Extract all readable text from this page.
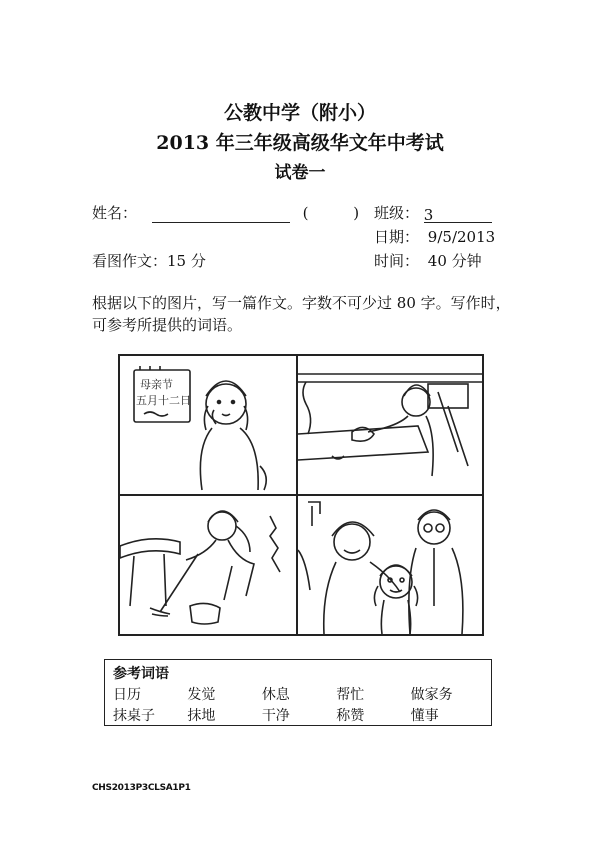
公教中学（附小）
2013 年三年级高级华文年中考试
试卷一
姓名：	(	) 班级： 3
日期： 9/5/2013
看图作文：15 分	时间： 40 分钟
根据以下的图片，写一篇作文。字数不可少过 80 字。写作时，可参考所提供的词语。
母亲节
五月十二日
参考词语
日历	发觉	休息	帮忙	做家务
抹桌子	抹地	干净	称赞	懂事
CHS2013P3CLSA1P1
